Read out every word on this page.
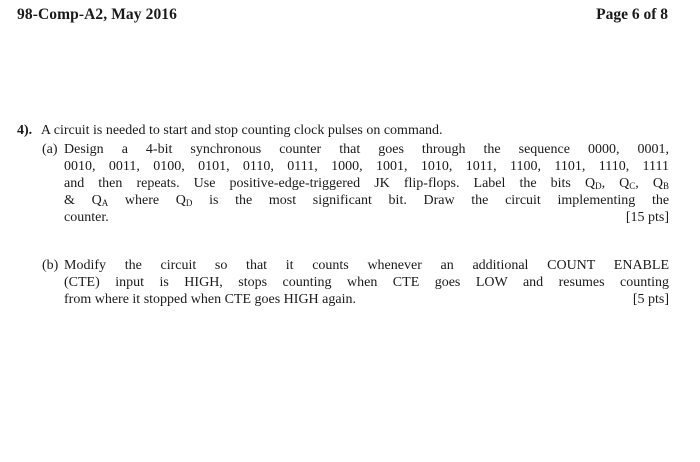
98-Comp-A2, May 2016	Page 6 of 8
4). A circuit is needed to start and stop counting clock pulses on command.
(a) Design a 4-bit synchronous counter that goes through the sequence 0000, 0001,
0010, 0011, 0100, 0101, 0110, 0111, 1000, 1001, 1010, 1011, 1100, 1101, 1110, 1111
and then repeats. Use positive-edge-triggered JK flip-flops. Label the bits $Q_D$, $Q_C$, $Q_B$
& $Q_A$ where $Q_D$ is the most significant bit. Draw the circuit implementing the
counter.	[15 pts]
(b) Modify the circuit so that it counts whenever an additional COUNT ENABLE
(CTE) input is HIGH, stops counting when CTE goes LOW and resumes counting
from where it stopped when CTE goes HIGH again.	[5 pts]
